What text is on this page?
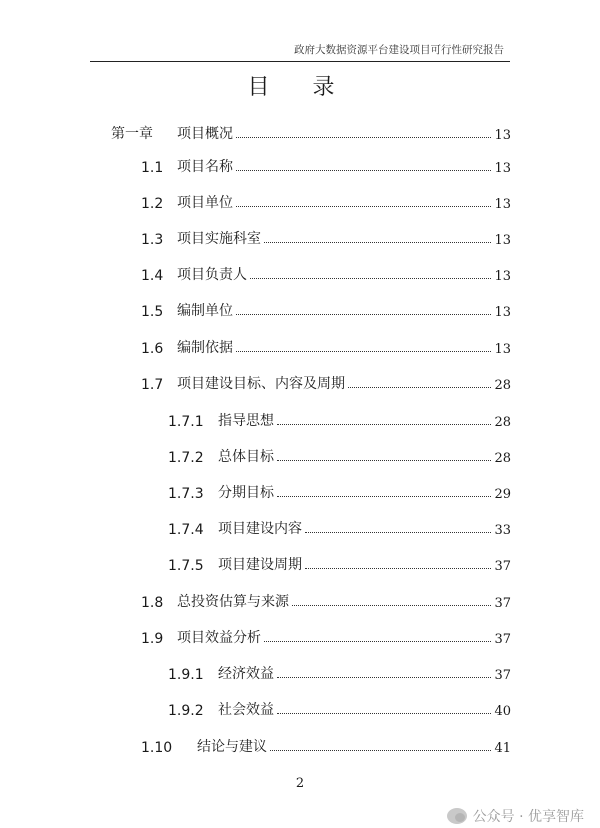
政府大数据资源平台建设项目可行性研究报告
目 录
第一章	项目概况	13
1.1 项目名称	13
1.2 项目单位	13
1.3 项目实施科室	13
1.4 项目负责人	13
1.5 编制单位	13
1.6 编制依据	13
1.7 项目建设目标、内容及周期	28
1.7.1	指导思想	28
1.7.2	总体目标	28
1.7.3	分期目标	29
1.7.4	项目建设内容	33
1.7.5	项目建设周期	37
1.8 总投资估算与来源	37
1.9 项目效益分析	37
1.9.1	经济效益	37
1.9.2	社会效益	40
1.10	结论与建议	41
2
公众号 · 优享智库
